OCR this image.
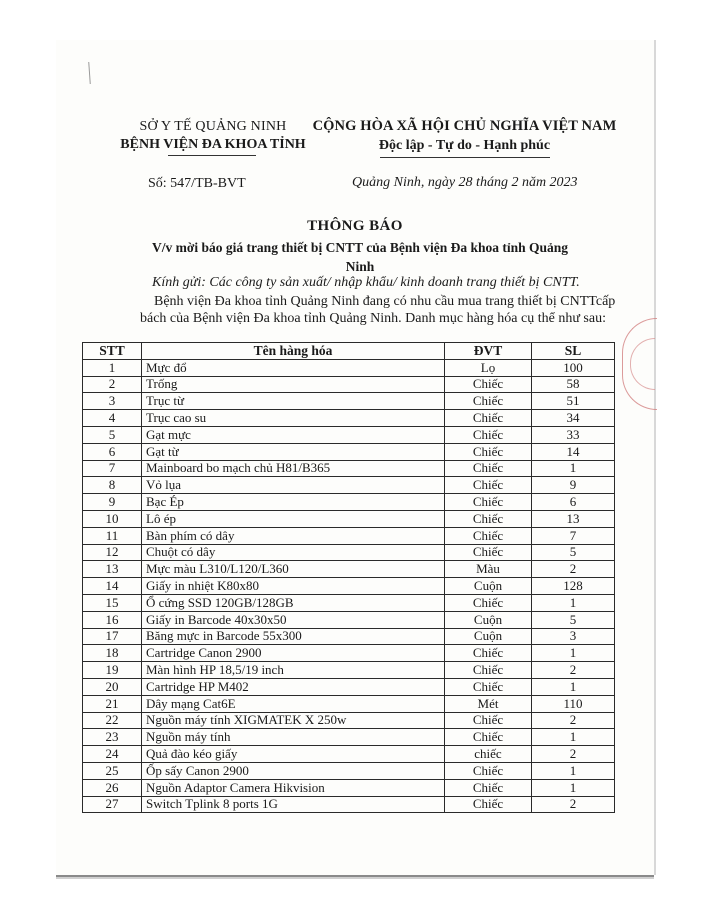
SỞ Y TẾ QUẢNG NINH
BỆNH VIỆN ĐA KHOA TỈNH
CỘNG HÒA XÃ HỘI CHỦ NGHĨA VIỆT NAM
Độc lập - Tự do - Hạnh phúc
Số: 547/TB-BVT	Quảng Ninh, ngày 28 tháng 2 năm 2023
THÔNG BÁO
V/v mời báo giá trang thiết bị CNTT của Bệnh viện Đa khoa tỉnh Quảng Ninh
Kính gửi: Các công ty sản xuất/ nhập khẩu/ kinh doanh trang thiết bị CNTT.
Bệnh viện Đa khoa tỉnh Quảng Ninh đang có nhu cầu mua trang thiết bị CNTTcấp bách của Bệnh viện Đa khoa tỉnh Quảng Ninh. Danh mục hàng hóa cụ thể như sau:
STT	Tên hàng hóa	ĐVT	SL
1	Mực đổ	Lọ	100
2	Trống	Chiếc	58
3	Trục từ	Chiếc	51
4	Trục cao su	Chiếc	34
5	Gạt mực	Chiếc	33
6	Gạt từ	Chiếc	14
7	Mainboard bo mạch chủ H81/B365	Chiếc	1
8	Vỏ lụa	Chiếc	9
9	Bạc Ép	Chiếc	6
10	Lô ép	Chiếc	13
11	Bàn phím có dây	Chiếc	7
12	Chuột có dây	Chiếc	5
13	Mực màu L310/L120/L360	Màu	2
14	Giấy in nhiệt K80x80	Cuộn	128
15	Ổ cứng SSD 120GB/128GB	Chiếc	1
16	Giấy in Barcode 40x30x50	Cuộn	5
17	Băng mực in Barcode 55x300	Cuộn	3
18	Cartridge Canon 2900	Chiếc	1
19	Màn hình HP 18,5/19 inch	Chiếc	2
20	Cartridge HP M402	Chiếc	1
21	Dây mạng Cat6E	Mét	110
22	Nguồn máy tính XIGMATEK X 250w	Chiếc	2
23	Nguồn máy tính	Chiếc	1
24	Quả đào kéo giấy	chiếc	2
25	Ốp sấy Canon 2900	Chiếc	1
26	Nguồn Adaptor Camera Hikvision	Chiếc	1
27	Switch Tplink 8 ports 1G	Chiếc	2
